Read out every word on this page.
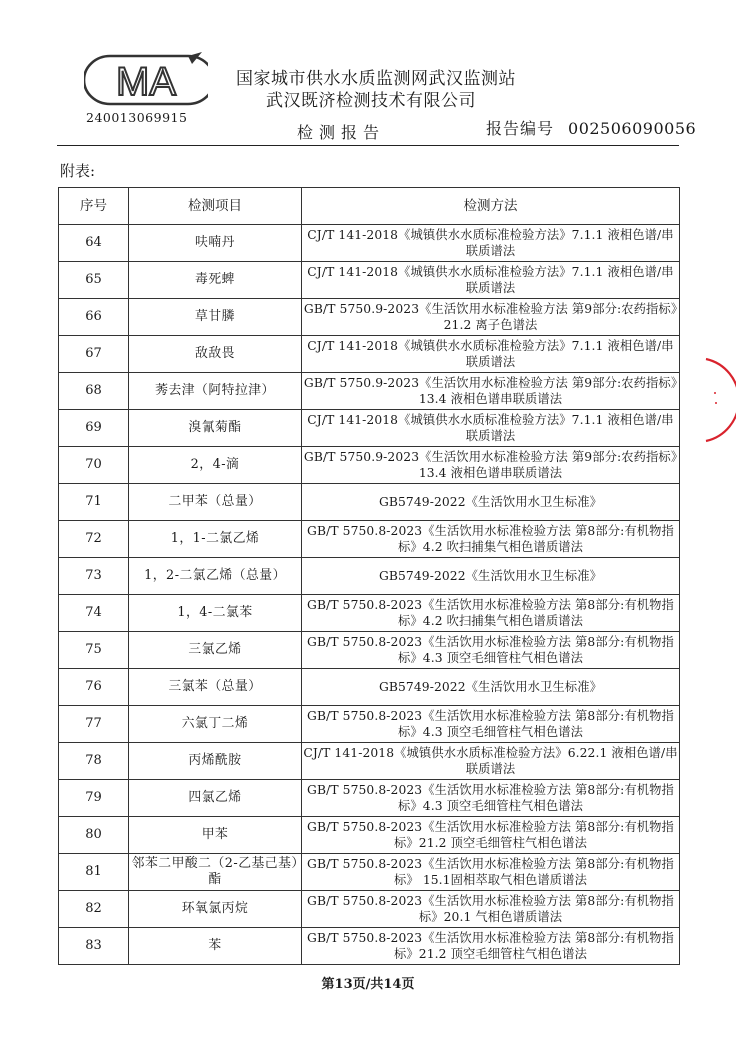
MA
240013069915
国家城市供水水质监测网武汉监测站
武汉既济检测技术有限公司
检测报告	报告编号 002506090056
附表:
序号	检测项目	检测方法
64	呋喃丹	CJ/T 141-2018《城镇供水水质标准检验方法》7.1.1 液相色谱/串联质谱法
65	毒死蜱	CJ/T 141-2018《城镇供水水质标准检验方法》7.1.1 液相色谱/串联质谱法
66	草甘膦	GB/T 5750.9-2023《生活饮用水标准检验方法 第9部分:农药指标》21.2 离子色谱法
67	敌敌畏	CJ/T 141-2018《城镇供水水质标准检验方法》7.1.1 液相色谱/串联质谱法
68	莠去津（阿特拉津）	GB/T 5750.9-2023《生活饮用水标准检验方法 第9部分:农药指标》13.4 液相色谱串联质谱法
69	溴氰菊酯	CJ/T 141-2018《城镇供水水质标准检验方法》7.1.1 液相色谱/串联质谱法
70	2，4-滴	GB/T 5750.9-2023《生活饮用水标准检验方法 第9部分:农药指标》13.4 液相色谱串联质谱法
71	二甲苯（总量）	GB5749-2022《生活饮用水卫生标准》
72	1，1-二氯乙烯	GB/T 5750.8-2023《生活饮用水标准检验方法 第8部分:有机物指标》4.2 吹扫捕集气相色谱质谱法
73	1，2-二氯乙烯（总量）	GB5749-2022《生活饮用水卫生标准》
74	1，4-二氯苯	GB/T 5750.8-2023《生活饮用水标准检验方法 第8部分:有机物指标》4.2 吹扫捕集气相色谱质谱法
75	三氯乙烯	GB/T 5750.8-2023《生活饮用水标准检验方法 第8部分:有机物指标》4.3 顶空毛细管柱气相色谱法
76	三氯苯（总量）	GB5749-2022《生活饮用水卫生标准》
77	六氯丁二烯	GB/T 5750.8-2023《生活饮用水标准检验方法 第8部分:有机物指标》4.3 顶空毛细管柱气相色谱法
78	丙烯酰胺	CJ/T 141-2018《城镇供水水质标准检验方法》6.22.1 液相色谱/串联质谱法
79	四氯乙烯	GB/T 5750.8-2023《生活饮用水标准检验方法 第8部分:有机物指标》4.3 顶空毛细管柱气相色谱法
80	甲苯	GB/T 5750.8-2023《生活饮用水标准检验方法 第8部分:有机物指标》21.2 顶空毛细管柱气相色谱法
81	邻苯二甲酸二（2-乙基己基）酯	GB/T 5750.8-2023《生活饮用水标准检验方法 第8部分:有机物指标》 15.1固相萃取气相色谱质谱法
82	环氧氯丙烷	GB/T 5750.8-2023《生活饮用水标准检验方法 第8部分:有机物指标》20.1 气相色谱质谱法
83	苯	GB/T 5750.8-2023《生活饮用水标准检验方法 第8部分:有机物指标》21.2 顶空毛细管柱气相色谱法
第13页/共14页
